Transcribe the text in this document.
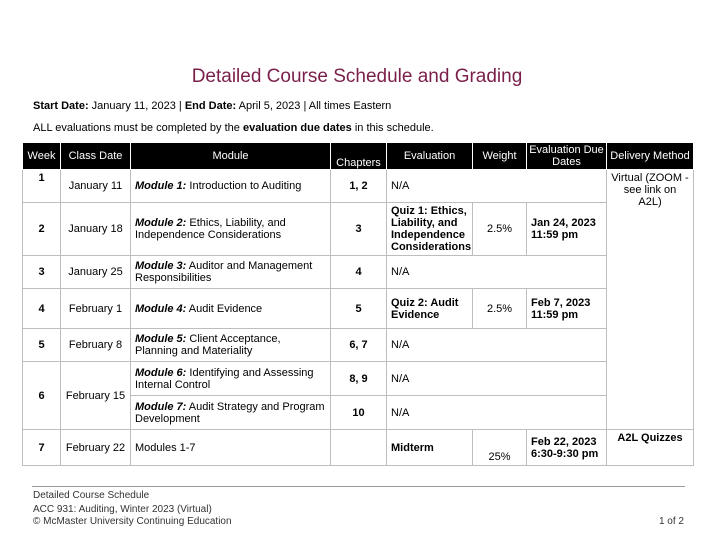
Detailed Course Schedule and Grading
Start Date: January 11, 2023 | End Date: April 5, 2023 | All times Eastern
ALL evaluations must be completed by the evaluation due dates in this schedule.
Week	Class Date	Module	Chapters	Evaluation	Weight	Evaluation Due Dates	Delivery Method
1	January 11	Module 1: Introduction to Auditing	1, 2	N/A			Virtual (ZOOM - see link on A2L)
2	January 18	Module 2: Ethics, Liability, and Independence Considerations	3	Quiz 1: Ethics, Liability, and Independence Considerations	2.5%	Jan 24, 2023 11:59 pm	
3	January 25	Module 3: Auditor and Management Responsibilities	4	N/A			
4	February 1	Module 4: Audit Evidence	5	Quiz 2: Audit Evidence	2.5%	Feb 7, 2023 11:59 pm	
5	February 8	Module 5: Client Acceptance, Planning and Materiality	6, 7	N/A			
6	February 15	Module 6: Identifying and Assessing Internal Control	8, 9	N/A			
		Module 7: Audit Strategy and Program Development	10	N/A			
7	February 22	Modules 1-7		Midterm	25%	Feb 22, 2023 6:30-9:30 pm	A2L Quizzes
Detailed Course Schedule
ACC 931: Auditing, Winter 2023 (Virtual)
© McMaster University Continuing Education	1 of 2
